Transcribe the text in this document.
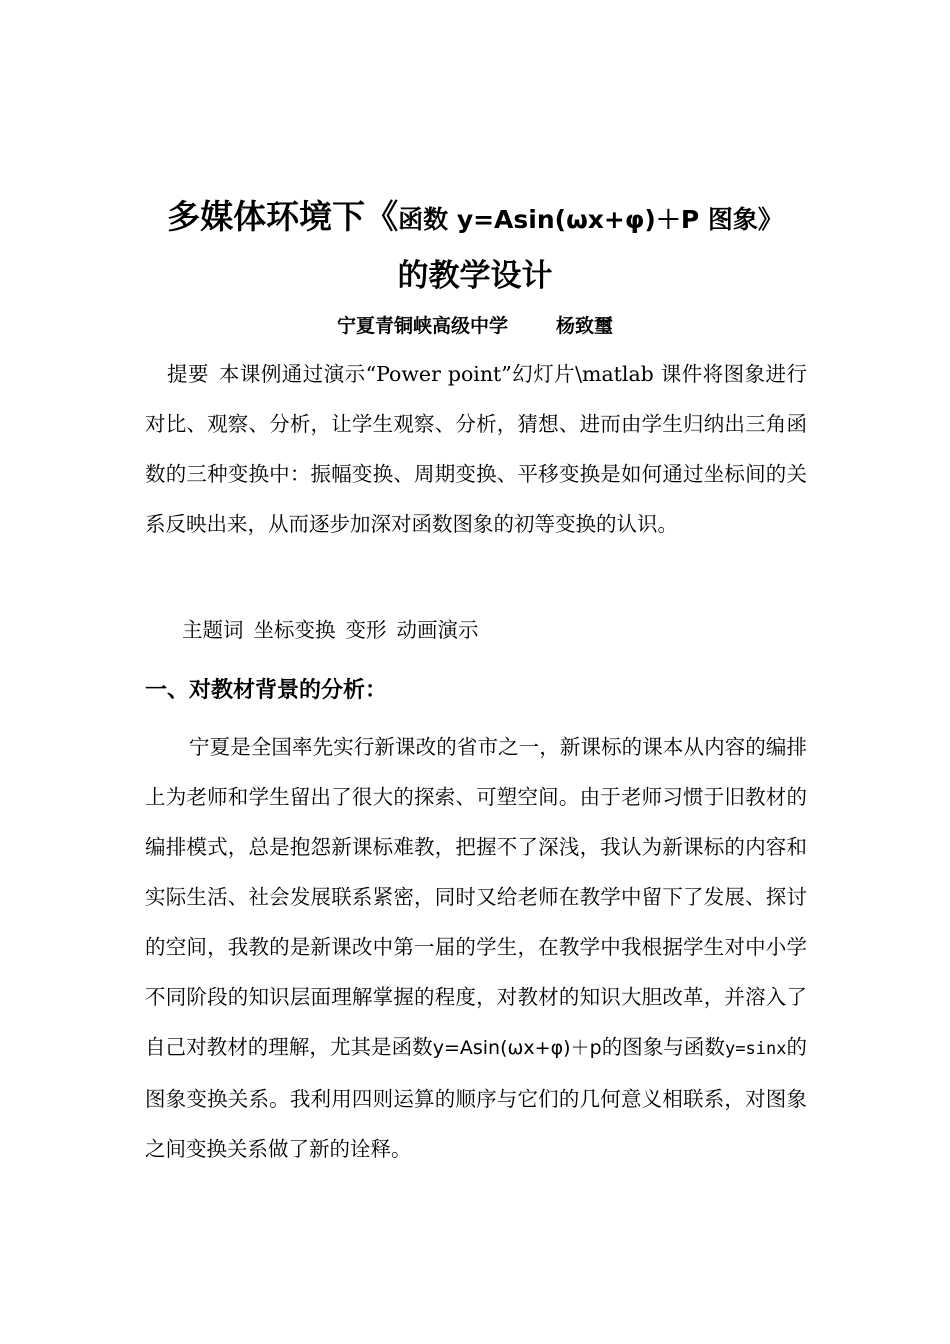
多媒体环境下《函数 y=Asin(ωx+φ)＋P 图象》
的教学设计
宁夏青铜峡高级中学	杨致璽
提要 本课例通过演示“Power point”幻灯片\matlab 课件将图象进行对比、观察、分析，让学生观察、分析，猜想、进而由学生归纳出三角函数的三种变换中：振幅变换、周期变换、平移变换是如何通过坐标间的关系反映出来，从而逐步加深对函数图象的初等变换的认识。
主题词 坐标变换 变形 动画演示
一、对教材背景的分析：
宁夏是全国率先实行新课改的省市之一，新课标的课本从内容的编排上为老师和学生留出了很大的探索、可塑空间。由于老师习惯于旧教材的编排模式，总是抱怨新课标难教，把握不了深浅，我认为新课标的内容和实际生活、社会发展联系紧密，同时又给老师在教学中留下了发展、探讨的空间，我教的是新课改中第一届的学生，在教学中我根据学生对中小学不同阶段的知识层面理解掌握的程度，对教材的知识大胆改革，并溶入了自己对教材的理解，尤其是函数y=Asin(ωx+φ)＋p的图象与函数y=sinx的图象变换关系。我利用四则运算的顺序与它们的几何意义相联系，对图象之间变换关系做了新的诠释。
